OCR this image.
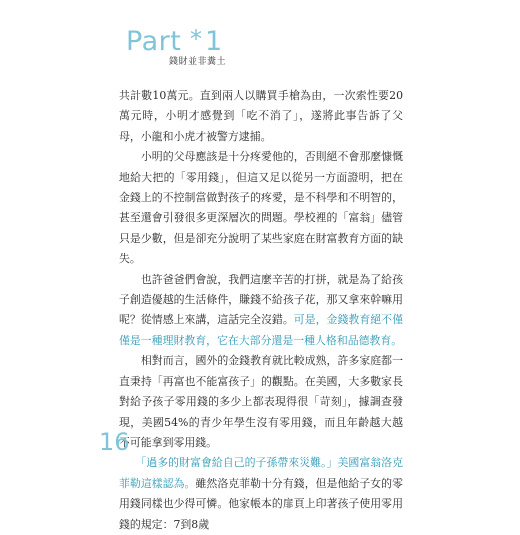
Part * 1
錢財並非糞土

共計數10萬元。直到兩人以購買手槍為由，一次索性要20萬元時，小明才感覺到「吃不消了」，遂將此事告訴了父母，小龍和小虎才被警方逮捕。

　　小明的父母應該是十分疼愛他的，否則絕不會那麼慷慨地給大把的「零用錢」，但這又足以從另一方面證明，把在金錢上的不控制當做對孩子的疼愛，是不科學和不明智的，甚至還會引發很多更深層次的問題。學校裡的「富翁」儘管只是少數，但是卻充分說明了某些家庭在財富教育方面的缺失。

　　也許爸爸們會說，我們這麼辛苦的打拼，就是為了給孩子創造優越的生活條件，賺錢不給孩子花，那又拿來幹嘛用呢？從情感上來講，這話完全沒錯。可是，金錢教育絕不僅僅是一種理財教育，它在大部分還是一種人格和品德教育。

　　相對而言，國外的金錢教育就比較成熟，許多家庭都一直秉持「再富也不能富孩子」的觀點。在美國，大多數家長對給予孩子零用錢的多少上都表現得很「苛刻」，據調查發現，美國54%的青少年學生沒有零用錢，而且年齡越大越不可能拿到零用錢。

　　「過多的財富會給自己的子孫帶來災難。」美國富翁洛克菲勒這樣認為。雖然洛克菲勒十分有錢，但是他給子女的零用錢同樣也少得可憐。他家帳本的扉頁上印著孩子使用零用錢的規定：7到8歲

16
